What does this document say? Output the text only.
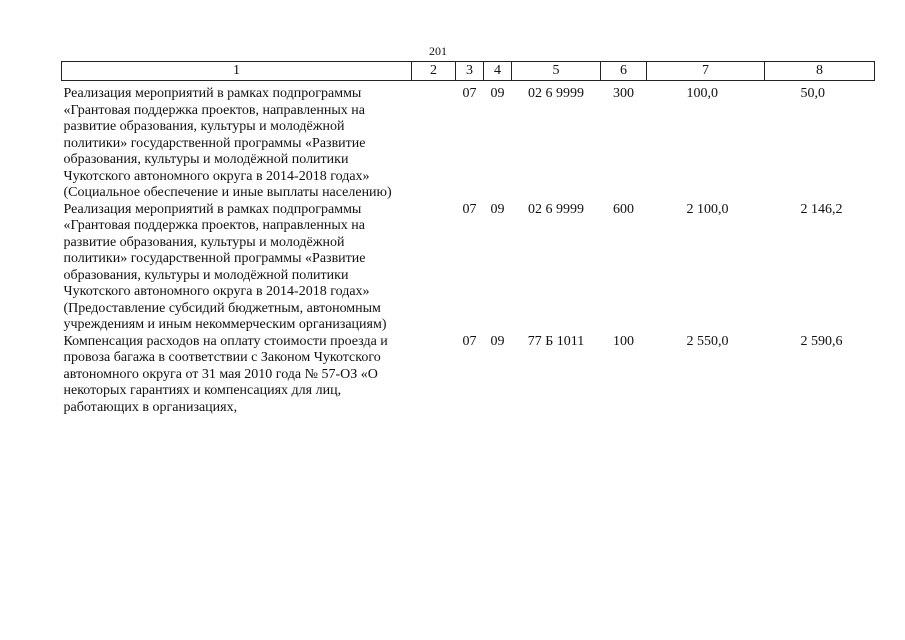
201
1	2	3	4	5	6	7	8
Реализация мероприятий в рамках подпрограммы «Грантовая поддержка проектов, направленных на развитие образования, культуры и молодёжной политики» государственной программы «Развитие образования, культуры и молодёжной политики Чукотского автономного округа в 2014-2018 годах» (Социальное обеспечение и иные выплаты населению)		07	09	02 6 9999	300	100,0	50,0
Реализация мероприятий в рамках подпрограммы «Грантовая поддержка проектов, направленных на развитие образования, культуры и молодёжной политики» государственной программы «Развитие образования, культуры и молодёжной политики Чукотского автономного округа в 2014-2018 годах» (Предоставление субсидий бюджетным, автономным учреждениям и иным некоммерческим организациям)		07	09	02 6 9999	600	2 100,0	2 146,2
Компенсация расходов на оплату стоимости проезда и провоза багажа в соответствии с Законом Чукотского автономного округа от 31 мая 2010 года № 57-ОЗ «О некоторых гарантиях и компенсациях для лиц, работающих в организациях,		07	09	77 Б 1011	100	2 550,0	2 590,6
